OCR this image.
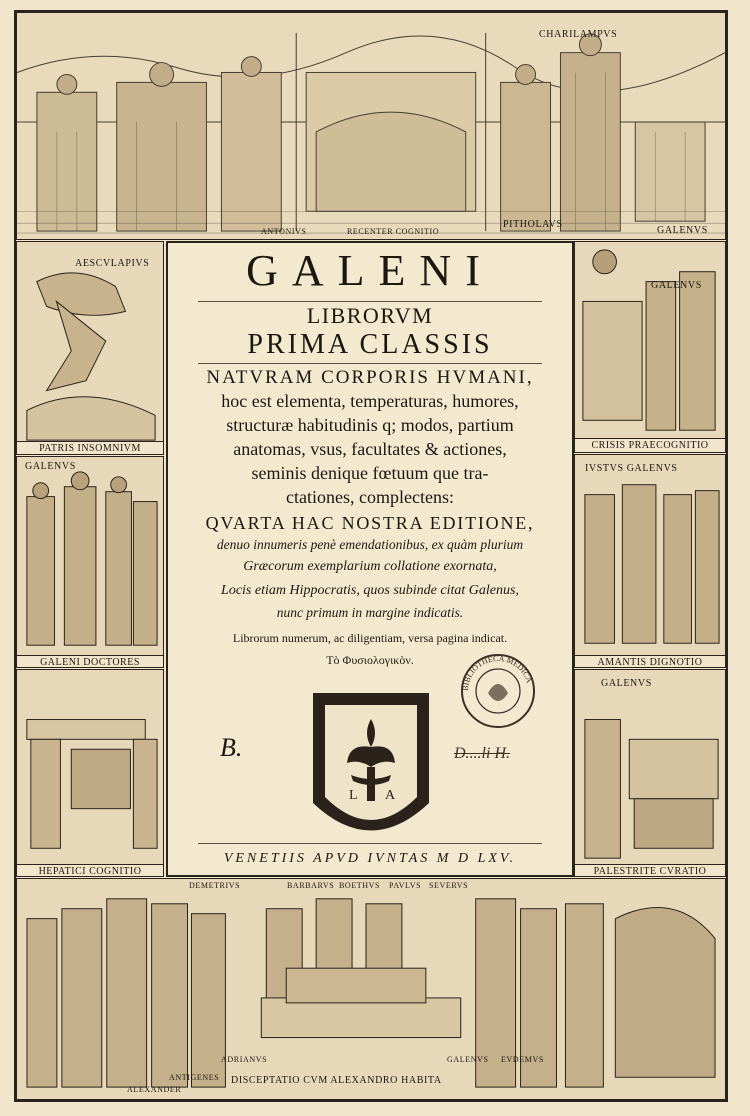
CHARILAMPVS
PITHOLAVS
GALENVS
ANTONIVS	RECENTER COGNITIO
AESCVLAPIVS
PATRIS INSOMNIVM
GALENVS
GALENI DOCTORES
HEPATICI COGNITIO
GALENVS
CRISIS PRAECOGNITIO
IVSTVS GALENVS
AMANTIS DIGNOTIO
GALENVS
PALESTRITE CVRATIO
DEMETRIVS	BARBARVS BOETHVS PAVLVS SEVERVS
ADRIANVS	GALENVS EVDEMVS
ANTIGENES
ALEXANDER
DISCEPTATIO CVM ALEXANDRO HABITA
GALENI
LIBRORVM
PRIMA CLASSIS
NATVRAM CORPORIS HVMANI,
hoc est elementa, temperaturas, humores,
structuræ habitudinis q; modos, partium
anatomas, vsus, facultates & actiones,
seminis denique fœtuum que tra-
ctationes, complectens:
QVARTA HAC NOSTRA EDITIONE,
denuo innumeris penè emendationibus, ex quàm plurium
Græcorum exemplarium collatione exornata,
Locis etiam Hippocratis, quos subinde citat Galenus,
nunc primum in margine indicatis.
Librorum numerum, ac diligentiam, versa pagina indicat.
Τὸ Φυσιολογικὸν.
BIBLIOTHECA MEDICA
L A
B.	D....li H.
VENETIIS APVD IVNTAS M D LXV.
